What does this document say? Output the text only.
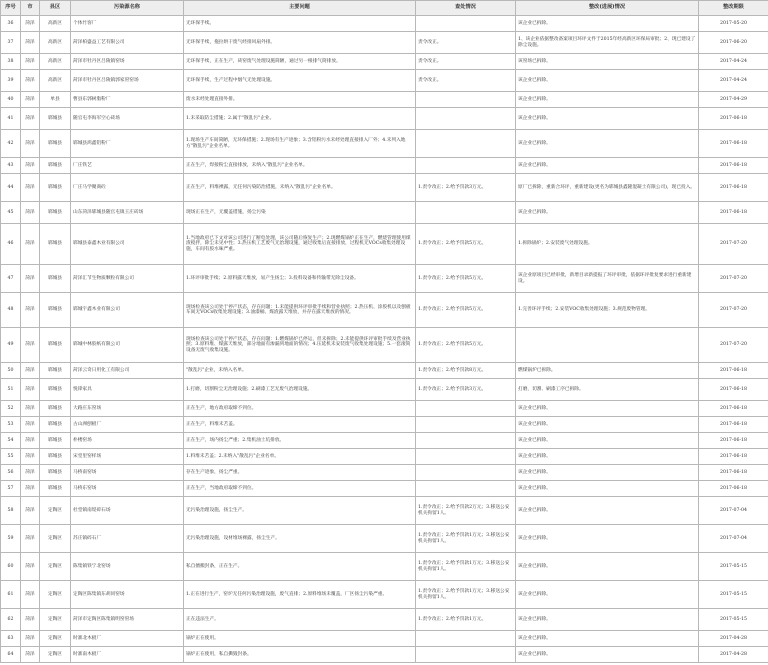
序号	市	县区	污染源名称	主要问题	查处情况	整改(进展)情况	整改期限
36	菏泽	高新区	个体竹客厂	无环保手续。		该企业已拆除。	2017-05-20
37	菏泽	高新区	菏泽柏盛益工艺有限公司	无环保手续，拖拉烘干废气经排风扇外排。	责令改正。	1、该企业依据整改备案项目环评文件于2015年经高新区环保局审批；2、现已建设了除尘设施。	2017-06-20
38	菏泽	高新区	菏泽市牡丹区吕陵镇窑场	无环保手续，正在生产，砖窑废气处理设施简陋，通过另一根排气筒排放。	责令改正。	该窑场已拆除。	2017-04-24
39	菏泽	高新区	菏泽市牡丹区吕陵镇郭家窑窑场	无环保手续，生产过程中烟气无处理设施。	责令改正。	该企业已拆除。	2017-04-24
40	菏泽	单县	曹县东郭树脂粉厂	废水未经处理直接外排。		该企业已拆除。	2017-04-29
41	菏泽	郓城县	随官屯李海军空心砖场	1.未采取防尘措施；2.属于"散乱污"企业。		该企业已拆除。	2017-06-18
42	菏泽	郓城县	郓城县鸿鑫铝粉厂	1.现场生产车间简陋，无环保措施；2.现场有生产迹象；3.含铝粉污水未经处理直接排入厂外；4.未列入地方"散乱污"企业名单。		该企业已拆除。	2017-06-18
43	菏泽	郓城县	厂庄铁艺	正在生产，焊接粉尘直接排放，未纳入"散乱污"企业名单。		该企业已拆除。	2017-06-18
44	菏泽	郓城县	厂庄马学聚商砼	正在生产，料堆裸露，无任何污染防治措施，未纳入"散乱污"企业名单。	1.责令改正；2.给予罚款3万元。	原厂已拆除，重新合环评，重新建设(更名为郓城县鑫隆混凝土有限公司)，现已投入。	2017-06-18
45	菏泽	郓城县	山东菏泽郓城县随官屯镇王庄砖场	现场正在生产，无覆盖措施，扬尘污染		该企业已拆除。	2017-06-18
46	菏泽	郓城县	郓城县泰鑫木业有限公司	1.当地政府已下文对该公司进行了断电处理，该公司随后恢复生产；2.现燃煤锅炉正在生产，燃烧管理使用煤渣搅拌，除尘未见中性；3.热压机工艺废气无治理设施，通过收集后直接排放，过程机无VOCs收集处理设施，车间有胶水味严重。	1.责令改正；2.给予罚款5万元。	1.拆除锅炉；2.安装废气处理设施。	2017-07-20
47	菏泽	郓城县	菏泽汇节生物质颗粒有限公司	1.环评审批手续；2.原料露天堆放，易产生扬尘；3.投料设备和传输带无除尘设备。	1.责令改正；2.给予罚款5万元。	该企业原项目已经审批，新增目录新提报了环评审批，依据环评批复要求进行重新建设。	2017-07-20
48	菏泽	郓城县	郓城宇鑫木业有限公司	现场检查该公司处于停产状态，存在问题：1.未能提供环评审批手续和营业执照；2.热压机、涂胶机以及刨板车间无VOCs收集处理设施；3.油漆桶、煤渣露天堆放，并存在露天堆放的情况。	1.责令改正；2.给予罚款5万元。	1.完善环评手续；2.安装VOC收集处理设施；3.规范废物管理。	2017-07-20
49	菏泽	郓城县	郓城中林胶纸有限公司	现场检查该公司处于停产状态，存在问题：1.燃煤锅炉已停运，但未拆除；2.未能提供环评审批手续及营业执照；3.原料堆、煤露天堆放，部分地面有渗漏到地面的情况；4.压延机未安装废气收集处理设施；5.一套滚筒设备无废气收集设施。	1.责令改正；2.给予罚款5万元。		2017-07-20
50	菏泽	郓城县	菏泽云奇日用化工有限公司	"散乱污"企业，未纳入名单。	1.责令改正；2.给予罚款8万元。	燃煤锅炉已拆除。	2017-06-18
51	菏泽	郓城县	悦锋家具	1.打磨，切割粉尘无治理设施；2.刷漆工艺无废气治理设施。	1.责令改正；2.给予罚款3万元。	打磨，切割、刷漆工序已拆除。	2017-06-18
52	菏泽	郓城县	大路庄东窑场	正在生产，地方政府取缔不到位。		该企业已拆除。	2017-06-18
53	菏泽	郓城县	古山洲刨板厂	正在生产，料堆未苫盖。		该企业已拆除。	2017-06-18
54	菏泽	郓城县	朴楼窑场	正在生产，场内扬尘严重；2.集机油土坑排放。		该企业已拆除。	2017-06-18
55	菏泽	郓城县	宋堂里窑样场	1.料堆未苫盖；2.未纳入"散乱污"企业名单。		该企业已拆除。	2017-06-18
56	菏泽	郓城县	马桥南窑场	存在生产迹象，扬尘严重。		该企业已拆除。	2017-06-18
57	菏泽	郓城县	马桥东窑场	正在生产，当地政府取缔不到位。		该企业已拆除。	2017-06-18
58	菏泽	定陶区	杜堂镇南堤碎石场	无污染治理设施，扬尘生产。	1.责令改正；2.给予罚款2万元；3.移送公安机关拘留1人。	该企业已拆除。	2017-07-04
59	菏泽	定陶区	苏庄镇碎石厂	无污染治理设施，设材堆场裸露，扬尘生产。	1.责令改正；2.给予罚款1万元；3.移送公安机关拘留1人。	该企业已拆除。	2017-07-04
60	菏泽	定陶区	陈集镇铁宁北窑场	私自擅搬封条，正在生产。	1.责令改正；2.给予罚款1万元；3.移送公安机关拘留1人。	该企业已拆除。	2017-05-15
61	菏泽	定陶区	定陶区陈集镇东胡同窑场	1.正在进行生产，窑炉无任何污染治理设施，废气直排；2.原料堆场未覆盖，厂区扬尘污染严重。	1.责令改正；2.给予罚款1万元；3.移送公安机关拘留1人。	该企业已拆除。	2017-05-15
62	菏泽	定陶区	菏泽市定陶区陈集镇明窑窑场	正在违法生产。	1.责令改正；2.给予罚款1万元。	该企业已拆除。	2017-05-15
63	菏泽	定陶区	时寨北木板厂	锅炉正在使用。		该企业已拆除。	2017-04-28
64	菏泽	定陶区	时寨南木板厂	锅炉正在使用，私自撕毁封条。		该企业已拆除。	2017-04-28
